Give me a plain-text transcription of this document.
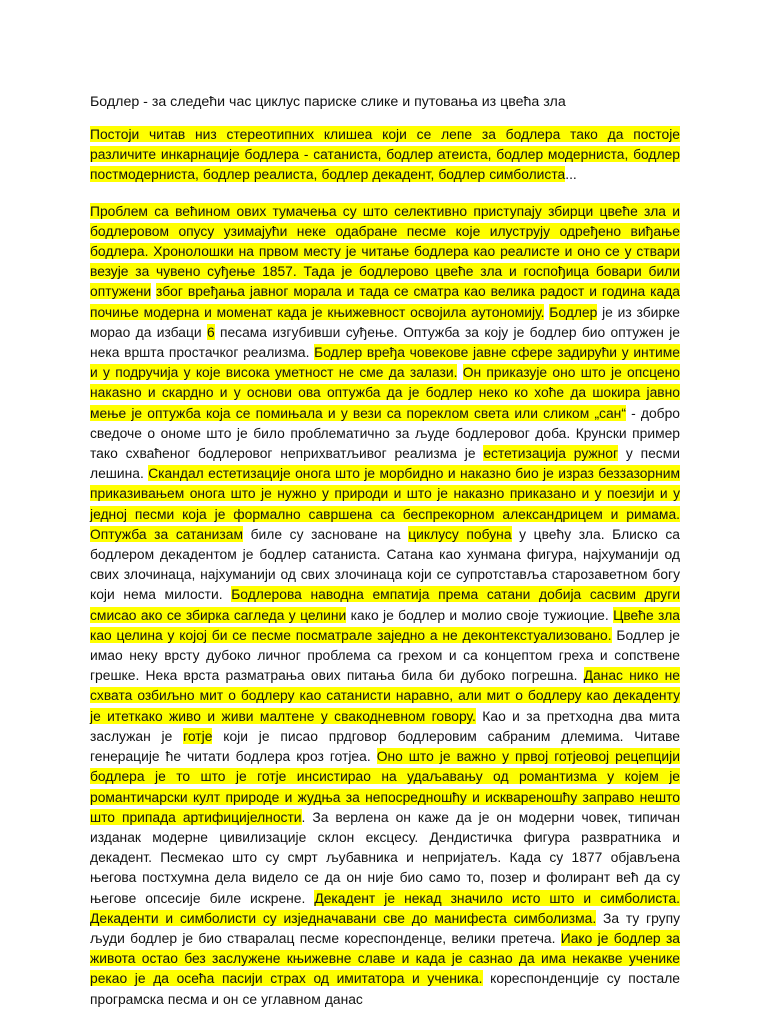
Бодлер - за следећи час циклус париске слике и путовања из цвећа зла

Постоји читав низ стереотипних клишеа који се лепе за бодлера тако да постоје различите инкарнације бодлера - сатаниста, бодлер атеиста, бодлер модерниста, бодлер постмодерниста, бодлер реалиста, бодлер декадент, бодлер симболиста...

Проблем са већином ових тумачења су што селективно приступају збирци цвеће зла и бодлеровом опусу узимајући неке одабране песме које илуструју одређено виђање бодлера. Хронолошки на првом месту је читање бодлера као реалисте и оно се у ствари везује за чувено суђење 1857. Тада је бодлерово цвеће зла и госпођица бовари били оптужени због вређања јавног морала и тада се сматра као велика радост и година када почиње модерна и моменат када је књижевност освојила аутономију. Бодлер је из збирке морао да избаци 6 песама изгубивши суђење. Оптужба за коју је бодлер био оптужен је нека вршта простачког реализма. Бодлер вређа човекове јавне сфере задирући у интиме и у подручија у које висока уметност не сме да залази. Он приказује оно што је опсцено накаѕно и скардно и у основи ова оптужба да је бодлер неко ко хоће да шокира јавно мење је оптужба која се помињала и у вези са пореклом света или сликом „сан“ - добро сведоче о ономе што је било проблематично за људе бодлеровог доба. Крунски пример тако схваћеног бодлеровог неприхватљивог реализма је естетизација ружног у песми лешина. Скандал естетизације онога што је морбидно и наказно био је израз беззазорним приказивањем онога што је нужно у природи и што је наказно приказано и у поезији и у једној песми која је формално савршена са беспрекорном александрицем и римама. Оптужба за сатанизам биле су засноване на циклусу побуна у цвећу зла. Блиско са бодлером декадентом је бодлер сатаниста. Сатана као хунмана фигура, најхуманији од свих злочинаца, најхуманији од свих злочинаца који се супротставља старозаветном богу који нема милости. Бодлерова наводна емпатија према сатани добија сасвим други смисао ако се збирка сагледа у целини како је бодлер и молио своје тужиоцие. Цвеће зла као целина у којој би се песме посматрале заједно а не деконтекстуализовано. Бодлер је имао неку врсту дубоко личног проблема са грехом и са концептом греха и сопствене грешке. Нека врста разматрања ових питања била би дубоко погрешна. Данас нико не схвата озбиљно мит о бодлеру као сатанисти наравно, али мит о бодлеру као декаденту је итеткако живо и живи малтене у свакодневном говору. Као и за претходна два мита заслужан је готје који је писао прдговор бодлеровим сабраним длемима. Читаве генерације ће читати бодлера кроз готјеа. Оно што је важно у првој готјеовој рецепцији бодлера је то што је готје инсистирао на удаљавању од романтизма у којем је романтичарски култ природе и жудња за непосредношћу и исквареношћу заправо нешто што припада артифицијелности. За верлена он каже да је он модерни човек, типичан изданак модерне цивилизације склон ексцесу. Дендистичка фигура развратника и декадент. Песмекао што су смрт љубавника и непријатељ. Када су 1877 објављена његова постхумна дела видело се да он није био само то, позер и фолирант већ да су његове опсесије биле искрене. Декадент је некад значило исто што и симболиста. Декаденти и симболисти су изједначавани све до манифеста симболизма. За ту групу људи бодлер је био стваралац песме кореспонденце, велики претеча. Иако је бодлер за живота остао без заслужене књижевне славе и када је сазнао да има некакве ученике рекао је да осећа пасији страх од имитатора и ученика. кореспонденције су постале програмска песма и он се углавном данас
